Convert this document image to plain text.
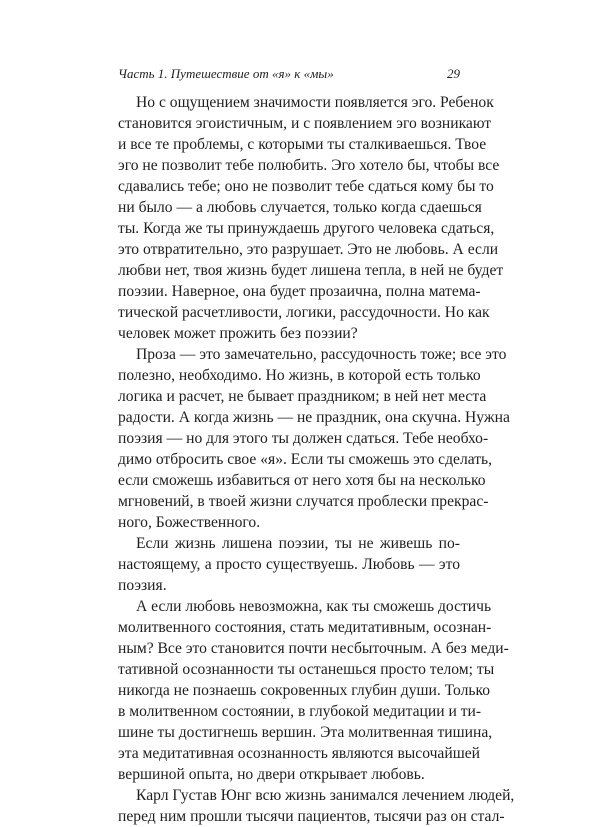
Часть 1. Путешествие от «я» к «мы»	29
Но с ощущением значимости появляется эго. Ребенок
становится эгоистичным, и с появлением эго возникают
и все те проблемы, с которыми ты сталкиваешься. Твое
эго не позволит тебе полюбить. Эго хотело бы, чтобы все
сдавались тебе; оно не позволит тебе сдаться кому бы то
ни было — а любовь случается, только когда сдаешься
ты. Когда же ты принуждаешь другого человека сдаться,
это отвратительно, это разрушает. Это не любовь. А если
любви нет, твоя жизнь будет лишена тепла, в ней не будет
поэзии. Наверное, она будет прозаична, полна матема-
тической расчетливости, логики, рассудочности. Но как
человек может прожить без поэзии?
Проза — это замечательно, рассудочность тоже; все это
полезно, необходимо. Но жизнь, в которой есть только
логика и расчет, не бывает праздником; в ней нет места
радости. А когда жизнь — не праздник, она скучна. Нужна
поэзия — но для этого ты должен сдаться. Тебе необхо-
димо отбросить свое «я». Если ты сможешь это сделать,
если сможешь избавиться от него хотя бы на несколько
мгновений, в твоей жизни случатся проблески прекрас-
ного, Божественного.
Если жизнь лишена поэзии, ты не живешь по-
настоящему, а просто существуешь. Любовь — это
поэзия.
А если любовь невозможна, как ты сможешь достичь
молитвенного состояния, стать медитативным, осознан-
ным? Все это становится почти несбыточным. А без меди-
тативной осознанности ты останешься просто телом; ты
никогда не познаешь сокровенных глубин души. Только
в молитвенном состоянии, в глубокой медитации и ти-
шине ты достигнешь вершин. Эта молитвенная тишина,
эта медитативная осознанность являются высочайшей
вершиной опыта, но двери открывает любовь.
Карл Густав Юнг всю жизнь занимался лечением людей,
перед ним прошли тысячи пациентов, тысячи раз он стал-
